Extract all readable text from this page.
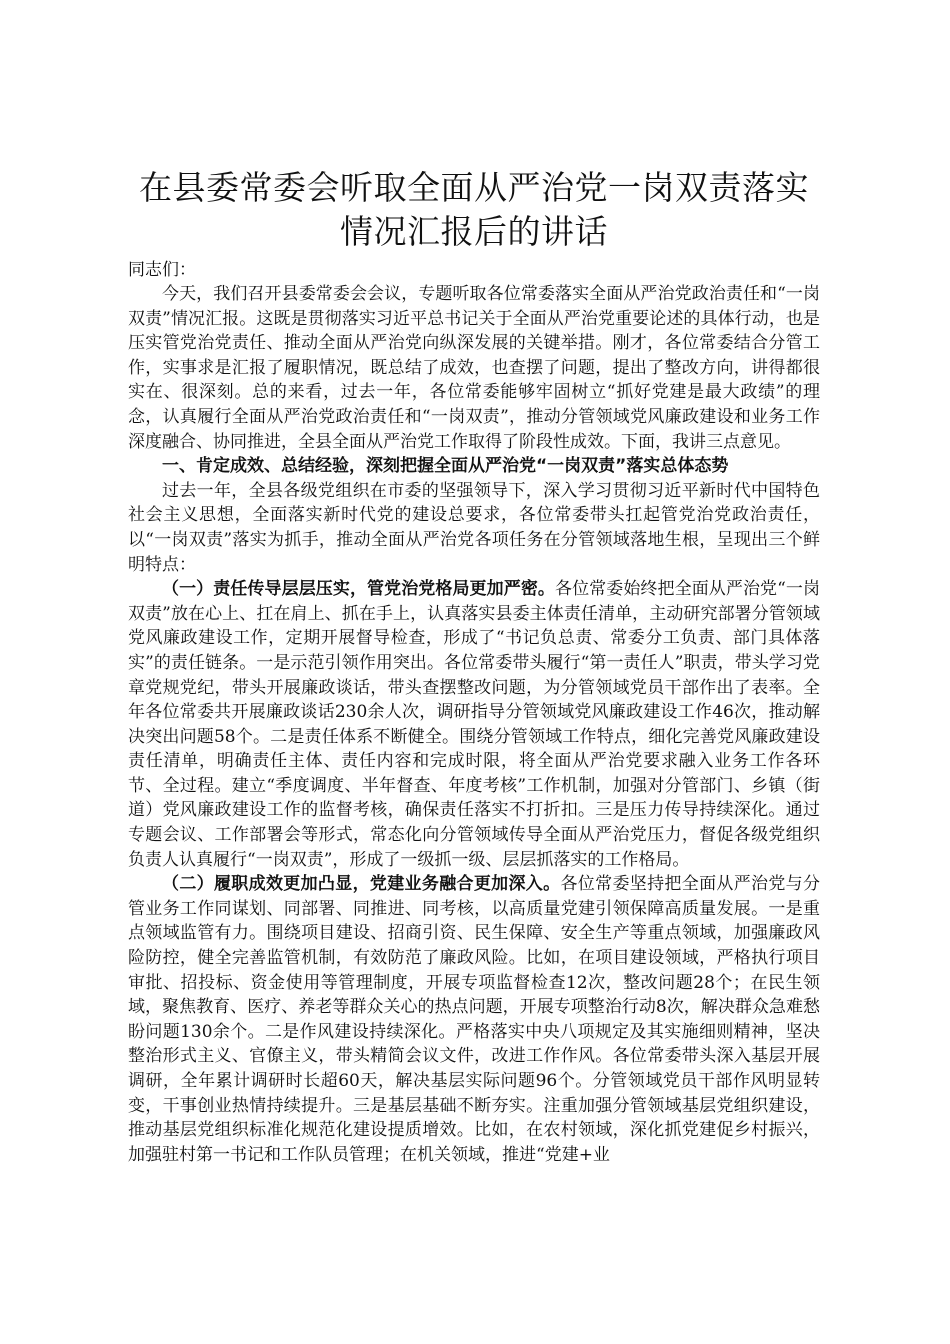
在县委常委会听取全面从严治党一岗双责落实情况汇报后的讲话

同志们：

今天，我们召开县委常委会会议，专题听取各位常委落实全面从严治党政治责任和“一岗双责”情况汇报。这既是贯彻落实习近平总书记关于全面从严治党重要论述的具体行动，也是压实管党治党责任、推动全面从严治党向纵深发展的关键举措。刚才，各位常委结合分管工作，实事求是汇报了履职情况，既总结了成效，也查摆了问题，提出了整改方向，讲得都很实在、很深刻。总的来看，过去一年，各位常委能够牢固树立“抓好党建是最大政绩”的理念，认真履行全面从严治党政治责任和“一岗双责”，推动分管领域党风廉政建设和业务工作深度融合、协同推进，全县全面从严治党工作取得了阶段性成效。下面，我讲三点意见。

一、肯定成效、总结经验，深刻把握全面从严治党“一岗双责”落实总体态势

过去一年，全县各级党组织在市委的坚强领导下，深入学习贯彻习近平新时代中国特色社会主义思想，全面落实新时代党的建设总要求，各位常委带头扛起管党治党政治责任，以“一岗双责”落实为抓手，推动全面从严治党各项任务在分管领域落地生根，呈现出三个鲜明特点：

（一）责任传导层层压实，管党治党格局更加严密。各位常委始终把全面从严治党“一岗双责”放在心上、扛在肩上、抓在手上，认真落实县委主体责任清单，主动研究部署分管领域党风廉政建设工作，定期开展督导检查，形成了“书记负总责、常委分工负责、部门具体落实”的责任链条。一是示范引领作用突出。各位常委带头履行“第一责任人”职责，带头学习党章党规党纪，带头开展廉政谈话，带头查摆整改问题，为分管领域党员干部作出了表率。全年各位常委共开展廉政谈话230余人次，调研指导分管领域党风廉政建设工作46次，推动解决突出问题58个。二是责任体系不断健全。围绕分管领域工作特点，细化完善党风廉政建设责任清单，明确责任主体、责任内容和完成时限，将全面从严治党要求融入业务工作各环节、全过程。建立“季度调度、半年督查、年度考核”工作机制，加强对分管部门、乡镇（街道）党风廉政建设工作的监督考核，确保责任落实不打折扣。三是压力传导持续深化。通过专题会议、工作部署会等形式，常态化向分管领域传导全面从严治党压力，督促各级党组织负责人认真履行“一岗双责”，形成了一级抓一级、层层抓落实的工作格局。

（二）履职成效更加凸显，党建业务融合更加深入。各位常委坚持把全面从严治党与分管业务工作同谋划、同部署、同推进、同考核，以高质量党建引领保障高质量发展。一是重点领域监管有力。围绕项目建设、招商引资、民生保障、安全生产等重点领域，加强廉政风险防控，健全完善监管机制，有效防范了廉政风险。比如，在项目建设领域，严格执行项目审批、招投标、资金使用等管理制度，开展专项监督检查12次，整改问题28个；在民生领域，聚焦教育、医疗、养老等群众关心的热点问题，开展专项整治行动8次，解决群众急难愁盼问题130余个。二是作风建设持续深化。严格落实中央八项规定及其实施细则精神，坚决整治形式主义、官僚主义，带头精简会议文件，改进工作作风。各位常委带头深入基层开展调研，全年累计调研时长超60天，解决基层实际问题96个。分管领域党员干部作风明显转变，干事创业热情持续提升。三是基层基础不断夯实。注重加强分管领域基层党组织建设，推动基层党组织标准化规范化建设提质增效。比如，在农村领域，深化抓党建促乡村振兴，加强驻村第一书记和工作队员管理；在机关领域，推进“党建+业
